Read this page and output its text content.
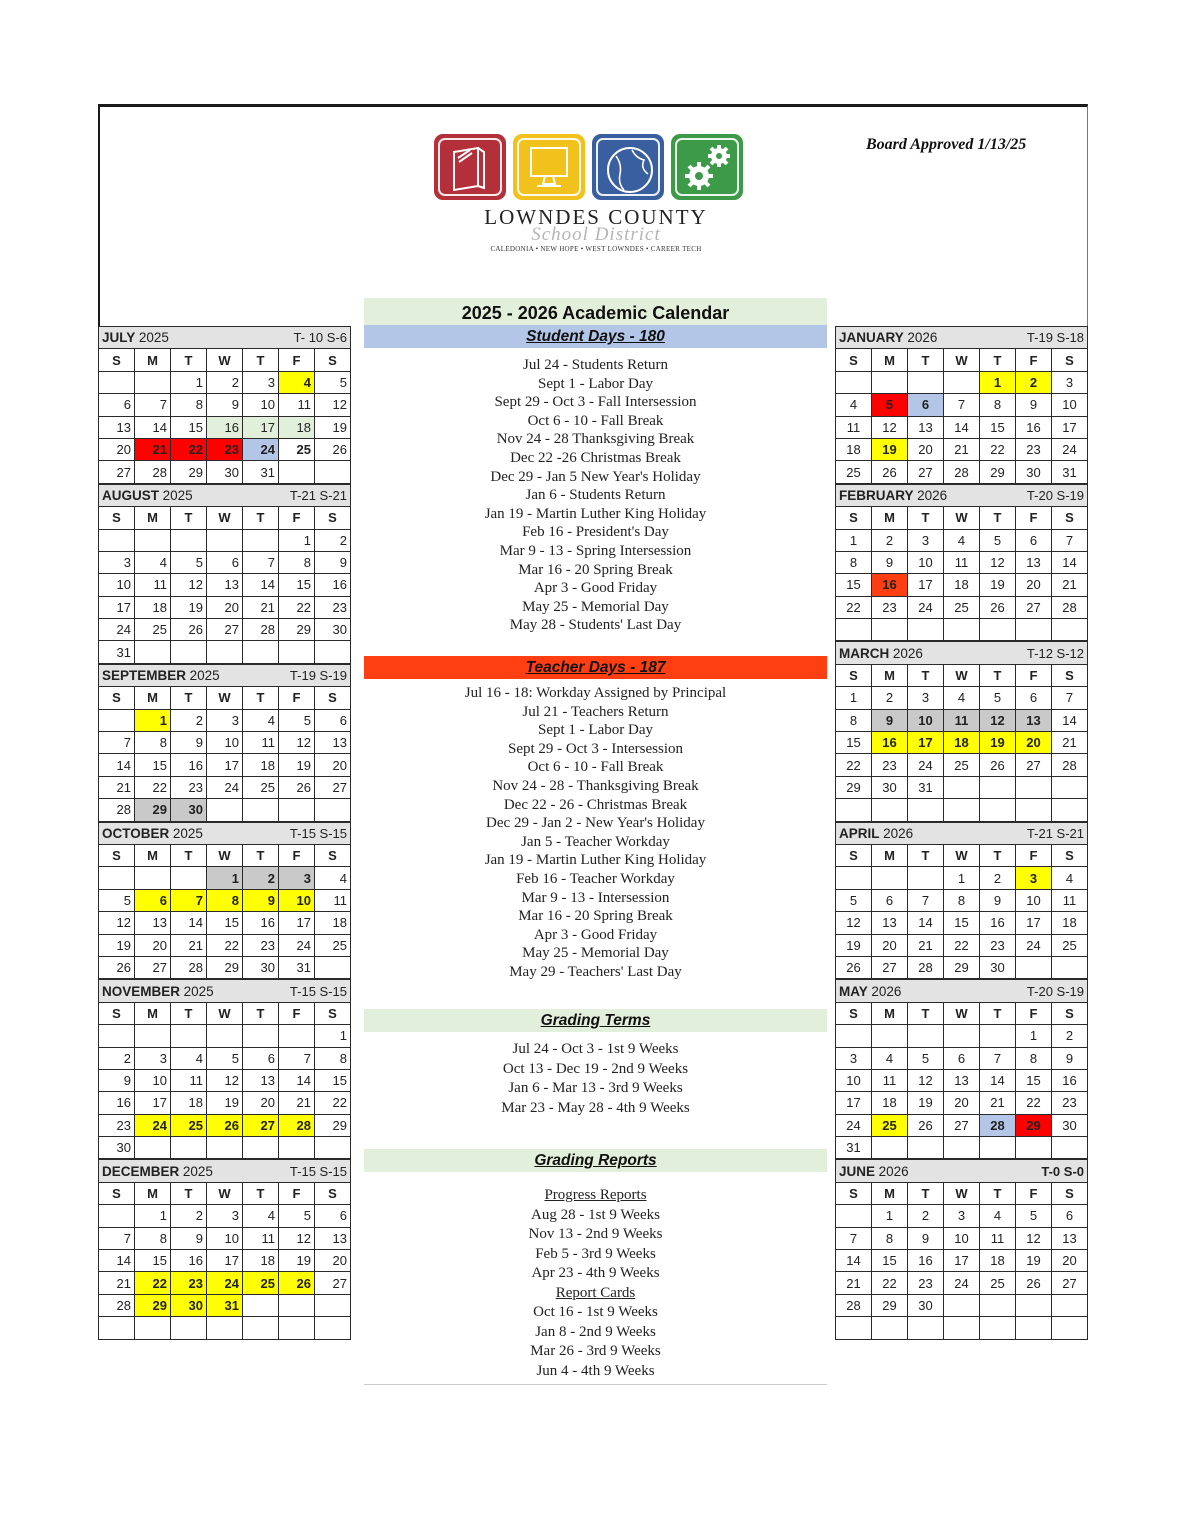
Board Approved 1/13/25
LOWNDES COUNTY
School District
CALEDONIA • NEW HOPE • WEST LOWNDES • CAREER TECH
JULY 2025 T- 10 S-6						

S	M	T	W	T	F	S
		1	2	3	4	5
6	7	8	9	10	11	12
13	14	15	16	17	18	19
20	21	22	23	24	25	26
27	28	29	30	31		
AUGUST 2025 T-21 S-21						

S	M	T	W	T	F	S
					1	2
3	4	5	6	7	8	9
10	11	12	13	14	15	16
17	18	19	20	21	22	23
24	25	26	27	28	29	30
31						
SEPTEMBER 2025 T-19 S-19						

S	M	T	W	T	F	S
	1	2	3	4	5	6
7	8	9	10	11	12	13
14	15	16	17	18	19	20
21	22	23	24	25	26	27
28	29	30				
OCTOBER 2025 T-15 S-15						

S	M	T	W	T	F	S
			1	2	3	4
5	6	7	8	9	10	11
12	13	14	15	16	17	18
19	20	21	22	23	24	25
26	27	28	29	30	31	
NOVEMBER 2025 T-15 S-15						

S	M	T	W	T	F	S
						1
2	3	4	5	6	7	8
9	10	11	12	13	14	15
16	17	18	19	20	21	22
23	24	25	26	27	28	29
30						
DECEMBER 2025 T-15 S-15						

S	M	T	W	T	F	S
	1	2	3	4	5	6
7	8	9	10	11	12	13
14	15	16	17	18	19	20
21	22	23	24	25	26	27
28	29	30	31			

JANUARY 2026 T-19 S-18						

S	M	T	W	T	F	S
				1	2	3
4	5	6	7	8	9	10
11	12	13	14	15	16	17
18	19	20	21	22	23	24
25	26	27	28	29	30	31
FEBRUARY 2026 T-20 S-19						

S	M	T	W	T	F	S
1	2	3	4	5	6	7
8	9	10	11	12	13	14
15	16	17	18	19	20	21
22	23	24	25	26	27	28

MARCH 2026 T-12 S-12						

S	M	T	W	T	F	S
1	2	3	4	5	6	7
8	9	10	11	12	13	14
15	16	17	18	19	20	21
22	23	24	25	26	27	28
29	30	31				

APRIL 2026 T-21 S-21						

S	M	T	W	T	F	S
			1	2	3	4
5	6	7	8	9	10	11
12	13	14	15	16	17	18
19	20	21	22	23	24	25
26	27	28	29	30		
MAY 2026 T-20 S-19						

S	M	T	W	T	F	S
					1	2
3	4	5	6	7	8	9
10	11	12	13	14	15	16
17	18	19	20	21	22	23
24	25	26	27	28	29	30
31						
JUNE 2026 T-0 S-0						

S	M	T	W	T	F	S
	1	2	3	4	5	6
7	8	9	10	11	12	13
14	15	16	17	18	19	20
21	22	23	24	25	26	27
28	29	30				

2025 - 2026 Academic Calendar
Student Days - 180
Jul 24 - Students Return
Sept 1 - Labor Day
Sept 29 - Oct 3 - Fall Intersession
Oct 6 - 10 - Fall Break
Nov 24 - 28 Thanksgiving Break
Dec 22 -26 Christmas Break
Dec 29 - Jan 5 New Year's Holiday
Jan 6 - Students Return
Jan 19 - Martin Luther King Holiday
Feb 16 - President's Day
Mar 9 - 13 - Spring Intersession
Mar 16 - 20 Spring Break
Apr 3 - Good Friday
May 25 - Memorial Day
May 28 - Students' Last Day
Teacher Days - 187
Jul 16 - 18: Workday Assigned by Principal
Jul 21 - Teachers Return
Sept 1 - Labor Day
Sept 29 - Oct 3 - Intersession
Oct 6 - 10 - Fall Break
Nov 24 - 28 - Thanksgiving Break
Dec 22 - 26 - Christmas Break
Dec 29 - Jan 2 - New Year's Holiday
Jan 5 - Teacher Workday
Jan 19 - Martin Luther King Holiday
Feb 16 - Teacher Workday
Mar 9 - 13 - Intersession
Mar 16 - 20 Spring Break
Apr 3 - Good Friday
May 25 - Memorial Day
May 29 - Teachers' Last Day
Grading Terms
Jul 24 - Oct 3 - 1st 9 Weeks
Oct 13 - Dec 19 - 2nd 9 Weeks
Jan 6 - Mar 13 - 3rd 9 Weeks
Mar 23 - May 28 - 4th 9 Weeks
Grading Reports
Progress Reports
Aug 28 - 1st 9 Weeks
Nov 13 - 2nd 9 Weeks
Feb 5 - 3rd 9 Weeks
Apr 23 - 4th 9 Weeks
Report Cards
Oct 16 - 1st 9 Weeks
Jan 8 - 2nd 9 Weeks
Mar 26 - 3rd 9 Weeks
Jun 4 - 4th 9 Weeks
